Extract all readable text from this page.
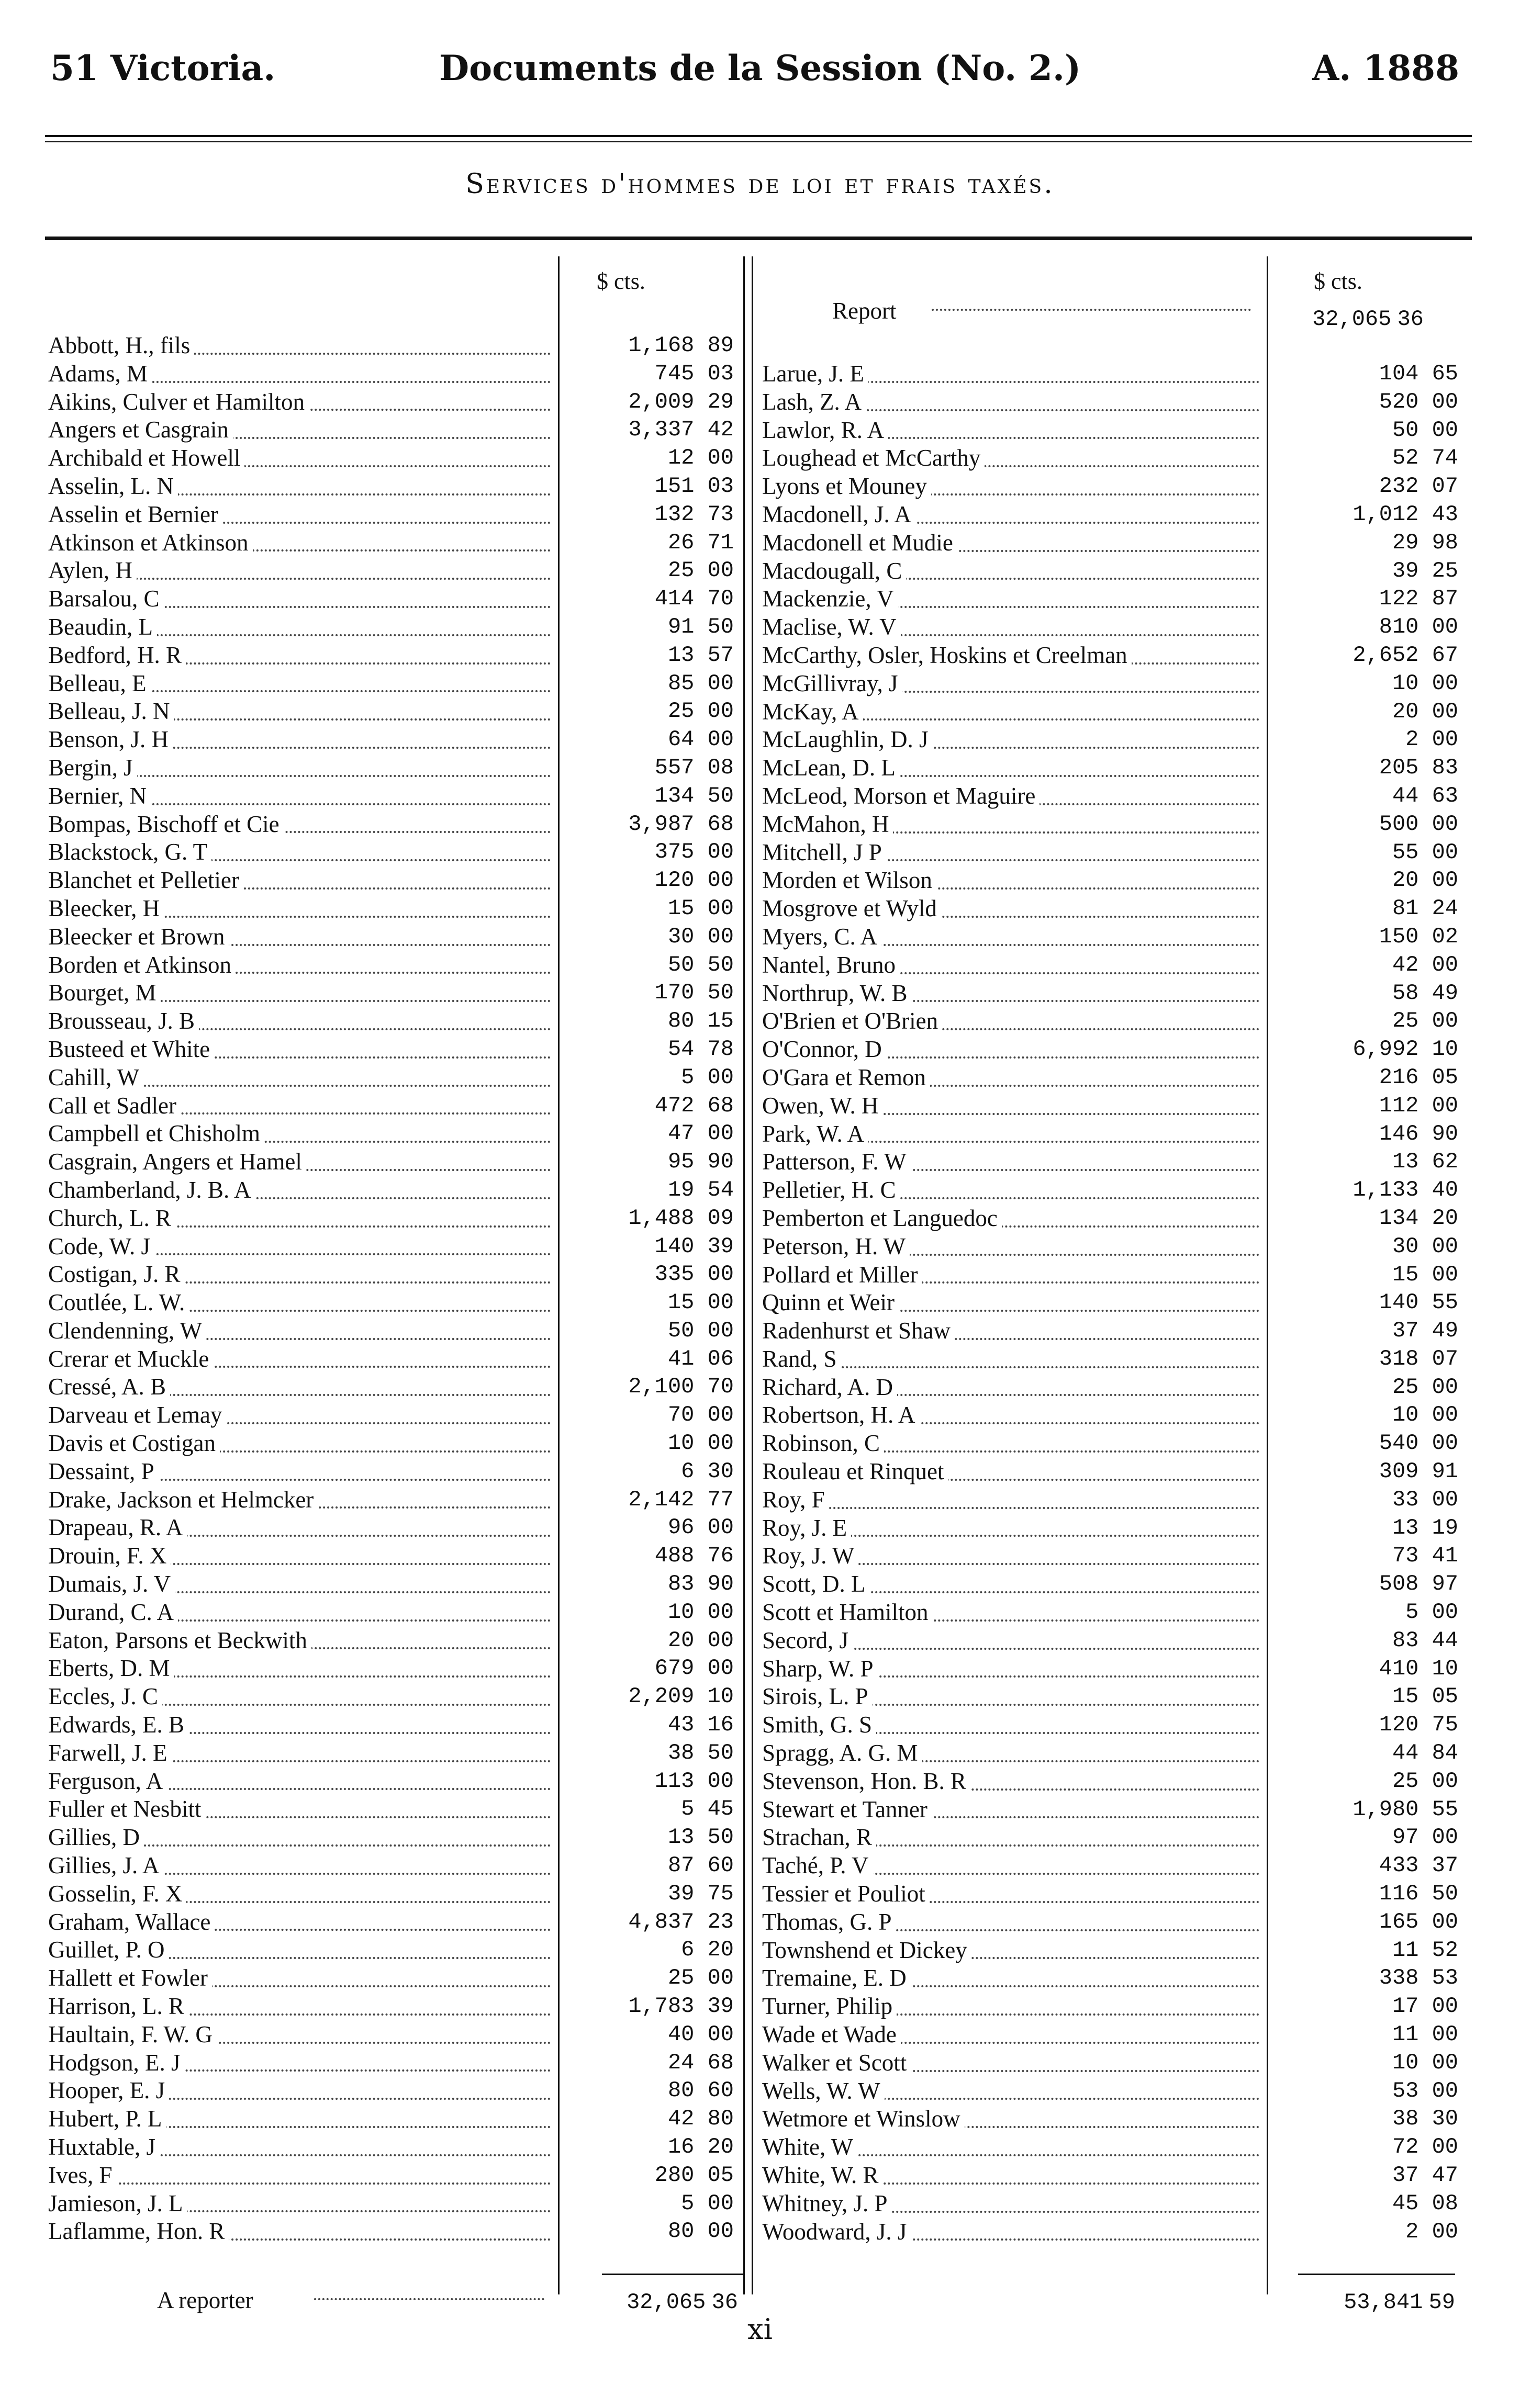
51 Victoria.	Documents de la Session (No. 2.)	A. 1888
Services d'hommes de loi et frais taxés.
$ cts.	$ cts.
Report	32,065 36
Abbott, H., fils	1,168 89
Adams, M	745 03
Aikins, Culver et Hamilton	2,009 29
Angers et Casgrain	3,337 42
Archibald et Howell	12 00
Asselin, L. N	151 03
Asselin et Bernier	132 73
Atkinson et Atkinson	26 71
Aylen, H	25 00
Barsalou, C	414 70
Beaudin, L	91 50
Bedford, H. R	13 57
Belleau, E	85 00
Belleau, J. N	25 00
Benson, J. H	64 00
Bergin, J	557 08
Bernier, N	134 50
Bompas, Bischoff et Cie	3,987 68
Blackstock, G. T	375 00
Blanchet et Pelletier	120 00
Bleecker, H	15 00
Bleecker et Brown	30 00
Borden et Atkinson	50 50
Bourget, M	170 50
Brousseau, J. B	80 15
Busteed et White	54 78
Cahill, W	5 00
Call et Sadler	472 68
Campbell et Chisholm	47 00
Casgrain, Angers et Hamel	95 90
Chamberland, J. B. A	19 54
Church, L. R	1,488 09
Code, W. J	140 39
Costigan, J. R	335 00
Coutlée, L. W.	15 00
Clendenning, W	50 00
Crerar et Muckle	41 06
Cressé, A. B	2,100 70
Darveau et Lemay	70 00
Davis et Costigan	10 00
Dessaint, P	6 30
Drake, Jackson et Helmcker	2,142 77
Drapeau, R. A	96 00
Drouin, F. X	488 76
Dumais, J. V	83 90
Durand, C. A	10 00
Eaton, Parsons et Beckwith	20 00
Eberts, D. M	679 00
Eccles, J. C	2,209 10
Edwards, E. B	43 16
Farwell, J. E	38 50
Ferguson, A	113 00
Fuller et Nesbitt	5 45
Gillies, D	13 50
Gillies, J. A	87 60
Gosselin, F. X	39 75
Graham, Wallace	4,837 23
Guillet, P. O	6 20
Hallett et Fowler	25 00
Harrison, L. R	1,783 39
Haultain, F. W. G	40 00
Hodgson, E. J	24 68
Hooper, E. J	80 60
Hubert, P. L	42 80
Huxtable, J	16 20
Ives, F	280 05
Jamieson, J. L	5 00
Laflamme, Hon. R	80 00
Larue, J. E	104 65
Lash, Z. A	520 00
Lawlor, R. A	50 00
Loughead et McCarthy	52 74
Lyons et Mouney	232 07
Macdonell, J. A	1,012 43
Macdonell et Mudie	29 98
Macdougall, C	39 25
Mackenzie, V	122 87
Maclise, W. V	810 00
McCarthy, Osler, Hoskins et Creelman	2,652 67
McGillivray, J	10 00
McKay, A	20 00
McLaughlin, D. J	2 00
McLean, D. L	205 83
McLeod, Morson et Maguire	44 63
McMahon, H	500 00
Mitchell, J P	55 00
Morden et Wilson	20 00
Mosgrove et Wyld	81 24
Myers, C. A	150 02
Nantel, Bruno	42 00
Northrup, W. B	58 49
O'Brien et O'Brien	25 00
O'Connor, D	6,992 10
O'Gara et Remon	216 05
Owen, W. H	112 00
Park, W. A	146 90
Patterson, F. W	13 62
Pelletier, H. C	1,133 40
Pemberton et Languedoc	134 20
Peterson, H. W	30 00
Pollard et Miller	15 00
Quinn et Weir	140 55
Radenhurst et Shaw	37 49
Rand, S	318 07
Richard, A. D	25 00
Robertson, H. A	10 00
Robinson, C	540 00
Rouleau et Rinquet	309 91
Roy, F	33 00
Roy, J. E	13 19
Roy, J. W	73 41
Scott, D. L	508 97
Scott et Hamilton	5 00
Secord, J	83 44
Sharp, W. P	410 10
Sirois, L. P	15 05
Smith, G. S	120 75
Spragg, A. G. M	44 84
Stevenson, Hon. B. R	25 00
Stewart et Tanner	1,980 55
Strachan, R	97 00
Taché, P. V	433 37
Tessier et Pouliot	116 50
Thomas, G. P	165 00
Townshend et Dickey	11 52
Tremaine, E. D	338 53
Turner, Philip	17 00
Wade et Wade	11 00
Walker et Scott	10 00
Wells, W. W	53 00
Wetmore et Winslow	38 30
White, W	72 00
White, W. R	37 47
Whitney, J. P	45 08
Woodward, J. J	2 00
A reporter	32,065 36	53,841 59
xi
